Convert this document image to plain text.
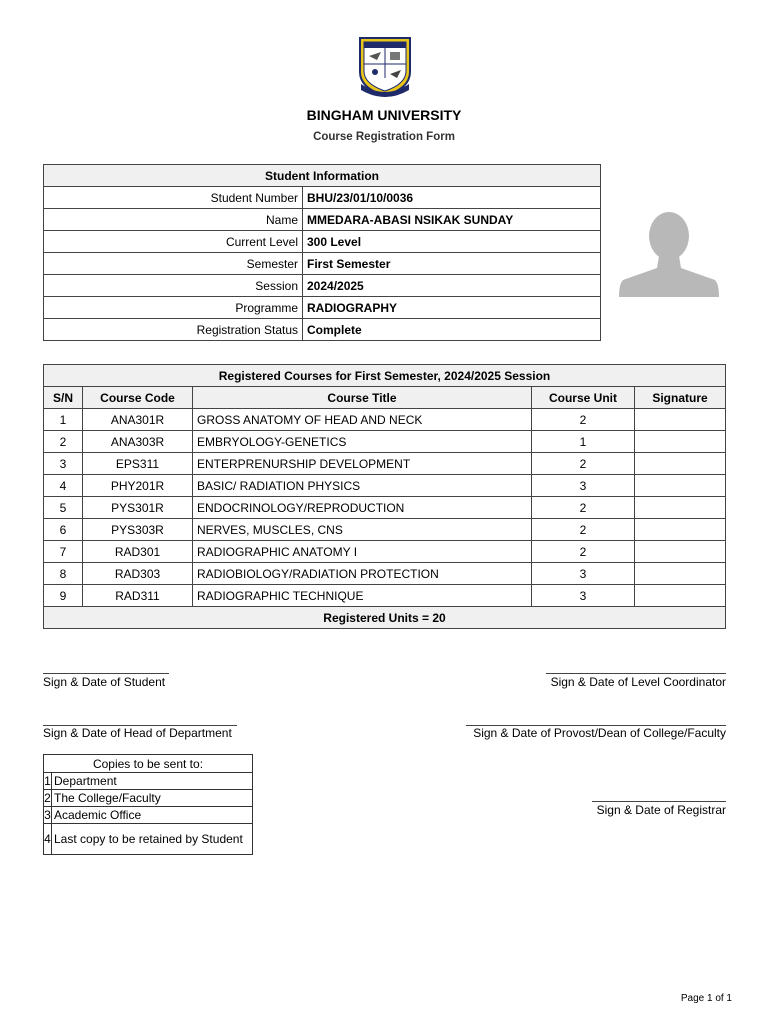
BINGHAM UNIVERSITY
Course Registration Form
Student Information	
Student Number	BHU/23/01/10/0036
Name	MMEDARA-ABASI NSIKAK SUNDAY
Current Level	300 Level
Semester	First Semester
Session	2024/2025
Programme	RADIOGRAPHY
Registration Status	Complete
Registered Courses for First Semester, 2024/2025 Session				
S/N	Course Code	Course Title	Course Unit	Signature
1	ANA301R	GROSS ANATOMY OF HEAD AND NECK	2	
2	ANA303R	EMBRYOLOGY-GENETICS	1	
3	EPS311	ENTERPRENURSHIP DEVELOPMENT	2	
4	PHY201R	BASIC/ RADIATION PHYSICS	3	
5	PYS301R	ENDOCRINOLOGY/REPRODUCTION	2	
6	PYS303R	NERVES, MUSCLES, CNS	2	
7	RAD301	RADIOGRAPHIC ANATOMY I	2	
8	RAD303	RADIOBIOLOGY/RADIATION PROTECTION	3	
9	RAD311	RADIOGRAPHIC TECHNIQUE	3	
Registered Units = 20				
Sign & Date of Student	Sign & Date of Level Coordinator
Sign & Date of Head of Department	Sign & Date of Provost/Dean of College/Faculty
Sign & Date of Registrar
Copies to be sent to:	
1	Department
2	The College/Faculty
3	Academic Office
4	Last copy to be retained by Student
Page 1 of 1
